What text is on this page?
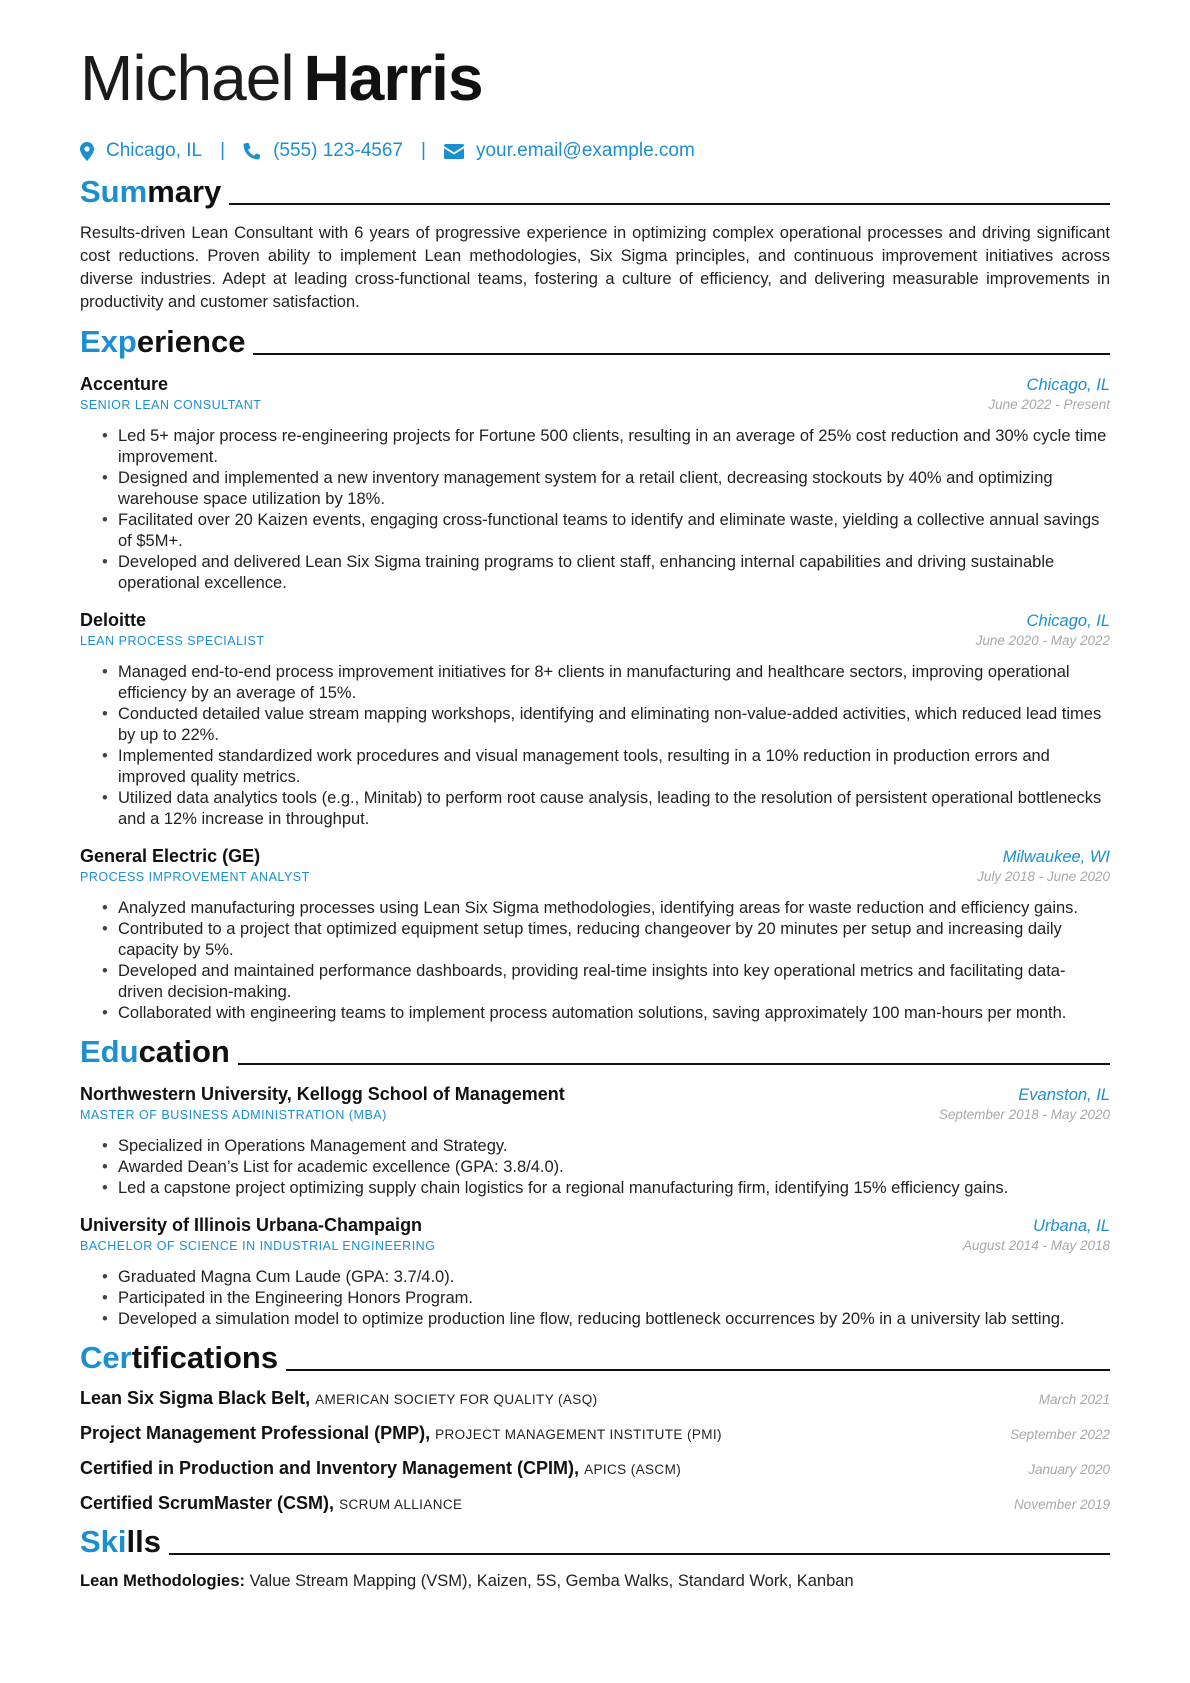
Michael Harris
Chicago, IL |	(555) 123-4567 |	your.email@example.com
Summary
Results-driven Lean Consultant with 6 years of progressive experience in optimizing complex operational processes and driving significant cost reductions. Proven ability to implement Lean methodologies, Six Sigma principles, and continuous improvement initiatives across diverse industries. Adept at leading cross-functional teams, fostering a culture of efficiency, and delivering measurable improvements in productivity and customer satisfaction.
Experience
Accenture	Chicago, IL
SENIOR LEAN CONSULTANT	June 2022 - Present
• Led 5+ major process re-engineering projects for Fortune 500 clients, resulting in an average of 25% cost reduction and 30% cycle time improvement.
• Designed and implemented a new inventory management system for a retail client, decreasing stockouts by 40% and optimizing warehouse space utilization by 18%.
• Facilitated over 20 Kaizen events, engaging cross-functional teams to identify and eliminate waste, yielding a collective annual savings of $5M+.
• Developed and delivered Lean Six Sigma training programs to client staff, enhancing internal capabilities and driving sustainable operational excellence.
Deloitte	Chicago, IL
LEAN PROCESS SPECIALIST	June 2020 - May 2022
• Managed end-to-end process improvement initiatives for 8+ clients in manufacturing and healthcare sectors, improving operational efficiency by an average of 15%.
• Conducted detailed value stream mapping workshops, identifying and eliminating non-value-added activities, which reduced lead times by up to 22%.
• Implemented standardized work procedures and visual management tools, resulting in a 10% reduction in production errors and improved quality metrics.
• Utilized data analytics tools (e.g., Minitab) to perform root cause analysis, leading to the resolution of persistent operational bottlenecks and a 12% increase in throughput.
General Electric (GE)	Milwaukee, WI
PROCESS IMPROVEMENT ANALYST	July 2018 - June 2020
• Analyzed manufacturing processes using Lean Six Sigma methodologies, identifying areas for waste reduction and efficiency gains.
• Contributed to a project that optimized equipment setup times, reducing changeover by 20 minutes per setup and increasing daily capacity by 5%.
• Developed and maintained performance dashboards, providing real-time insights into key operational metrics and facilitating data-driven decision-making.
• Collaborated with engineering teams to implement process automation solutions, saving approximately 100 man-hours per month.
Education
Northwestern University, Kellogg School of Management	Evanston, IL
MASTER OF BUSINESS ADMINISTRATION (MBA)	September 2018 - May 2020
• Specialized in Operations Management and Strategy.
• Awarded Dean’s List for academic excellence (GPA: 3.8/4.0).
• Led a capstone project optimizing supply chain logistics for a regional manufacturing firm, identifying 15% efficiency gains.
University of Illinois Urbana-Champaign	Urbana, IL
BACHELOR OF SCIENCE IN INDUSTRIAL ENGINEERING	August 2014 - May 2018
• Graduated Magna Cum Laude (GPA: 3.7/4.0).
• Participated in the Engineering Honors Program.
• Developed a simulation model to optimize production line flow, reducing bottleneck occurrences by 20% in a university lab setting.
Certifications
Lean Six Sigma Black Belt, AMERICAN SOCIETY FOR QUALITY (ASQ)	March 2021
Project Management Professional (PMP), PROJECT MANAGEMENT INSTITUTE (PMI)	September 2022
Certified in Production and Inventory Management (CPIM), APICS (ASCM)	January 2020
Certified ScrumMaster (CSM), SCRUM ALLIANCE	November 2019
Skills
Lean Methodologies: Value Stream Mapping (VSM), Kaizen, 5S, Gemba Walks, Standard Work, Kanban
